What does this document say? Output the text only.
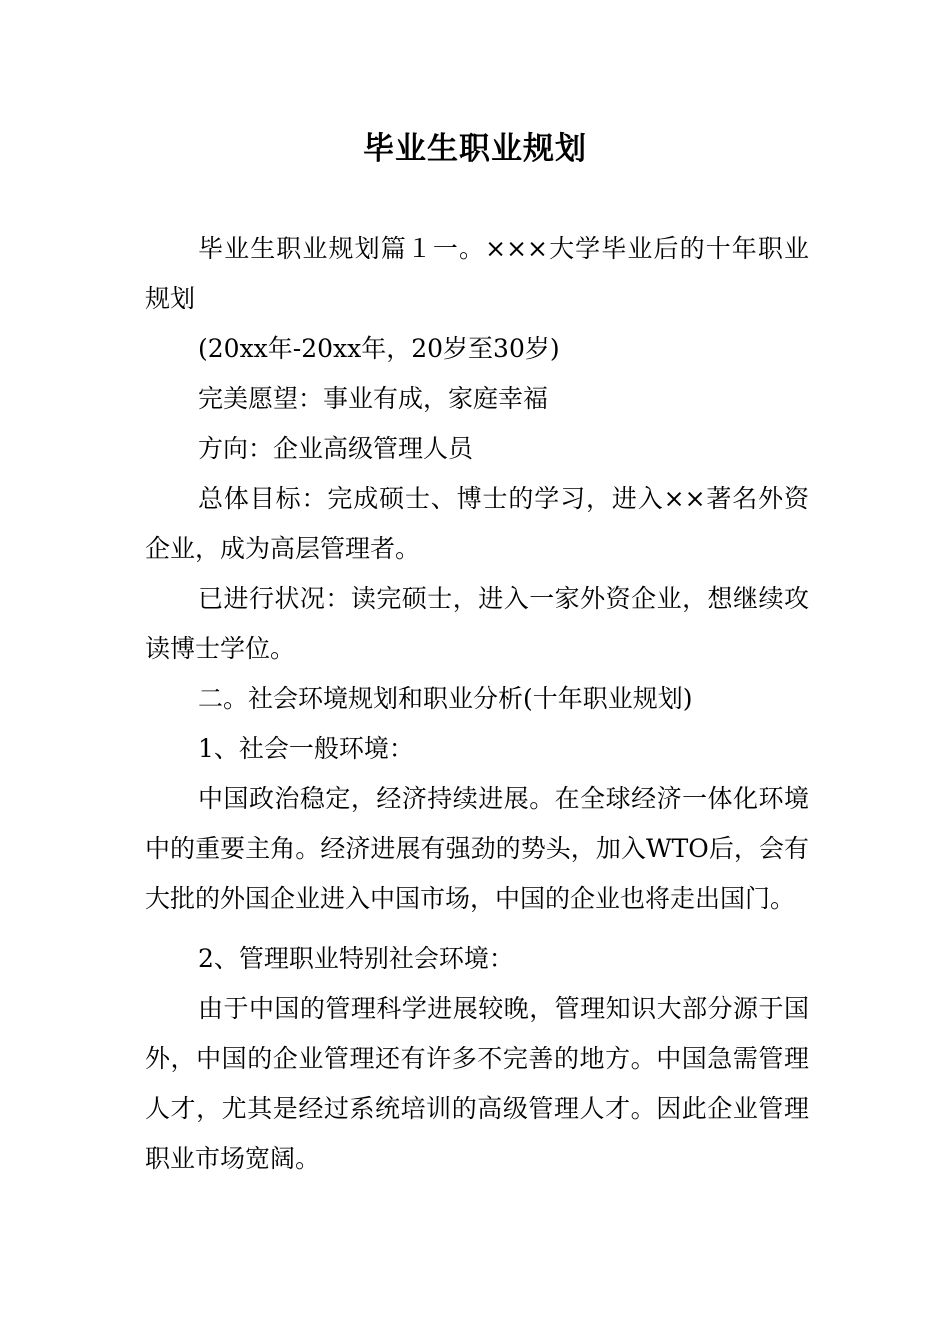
毕业生职业规划

毕业生职业规划篇１一。×××大学毕业后的十年职业规划

(20xx年-20xx年，20岁至30岁)

完美愿望：事业有成，家庭幸福

方向：企业高级管理人员

总体目标：完成硕士、博士的学习，进入××著名外资企业，成为高层管理者。

已进行状况：读完硕士，进入一家外资企业，想继续攻读博士学位。

二。社会环境规划和职业分析(十年职业规划)

1、社会一般环境：

中国政治稳定，经济持续进展。在全球经济一体化环境中的重要主角。经济进展有强劲的势头，加入WTO后，会有大批的外国企业进入中国市场，中国的企业也将走出国门。

2、管理职业特别社会环境：

由于中国的管理科学进展较晚，管理知识大部分源于国外，中国的企业管理还有许多不完善的地方。中国急需管理人才，尤其是经过系统培训的高级管理人才。因此企业管理职业市场宽阔。
